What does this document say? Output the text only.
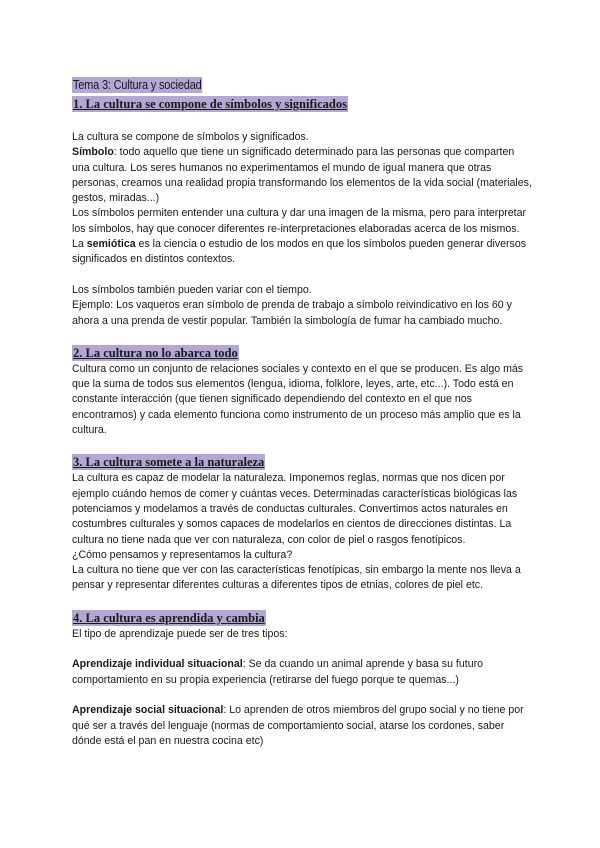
Tema 3: Cultura y sociedad
1. La cultura se compone de símbolos y significados

La cultura se compone de símbolos y significados.

Símbolo: todo aquello que tiene un significado determinado para las personas que comparten una cultura. Los seres humanos no experimentamos el mundo de igual manera que otras personas, creamos una realidad propia transformando los elementos de la vida social (materiales, gestos, miradas...)

Los símbolos permiten entender una cultura y dar una imagen de la misma, pero para interpretar los símbolos, hay que conocer diferentes re-interpretaciones elaboradas acerca de los mismos. La semiótica es la ciencia o estudio de los modos en que los símbolos pueden generar diversos significados en distintos contextos.

Los símbolos también pueden variar con el tiempo.

Ejemplo: Los vaqueros eran símbolo de prenda de trabajo a símbolo reivindicativo en los 60 y ahora a una prenda de vestir popular. También la simbología de fumar ha cambiado mucho.

2. La cultura no lo abarca todo

Cultura como un conjunto de relaciones sociales y contexto en el que se producen. Es algo más que la suma de todos sus elementos (lengua, idioma, folklore, leyes, arte, etc...). Todo está en constante interacción (que tienen significado dependiendo del contexto en el que nos encontramos) y cada elemento funciona como instrumento de un proceso más amplio que es la cultura.

3. La cultura somete a la naturaleza

La cultura es capaz de modelar la naturaleza. Imponemos reglas, normas que nos dicen por ejemplo cuándo hemos de comer y cuántas veces. Determinadas características biológicas las potenciamos y modelamos a través de conductas culturales. Convertimos actos naturales en costumbres culturales y somos capaces de modelarlos en cientos de direcciones distintas. La cultura no tiene nada que ver con naturaleza, con color de piel o rasgos fenotípicos.

¿Cómo pensamos y representamos la cultura?

La cultura no tiene que ver con las características fenotípicas, sin embargo la mente nos lleva a pensar y representar diferentes culturas a diferentes tipos de etnias, colores de piel etc.

4. La cultura es aprendida y cambia

El tipo de aprendizaje puede ser de tres tipos:

Aprendizaje individual situacional: Se da cuando un animal aprende y basa su futuro comportamiento en su propia experiencia (retirarse del fuego porque te quemas...)

Aprendizaje social situacional: Lo aprenden de otros miembros del grupo social y no tiene por qué ser a través del lenguaje (normas de comportamiento social, atarse los cordones, saber dónde está el pan en nuestra cocina etc)
